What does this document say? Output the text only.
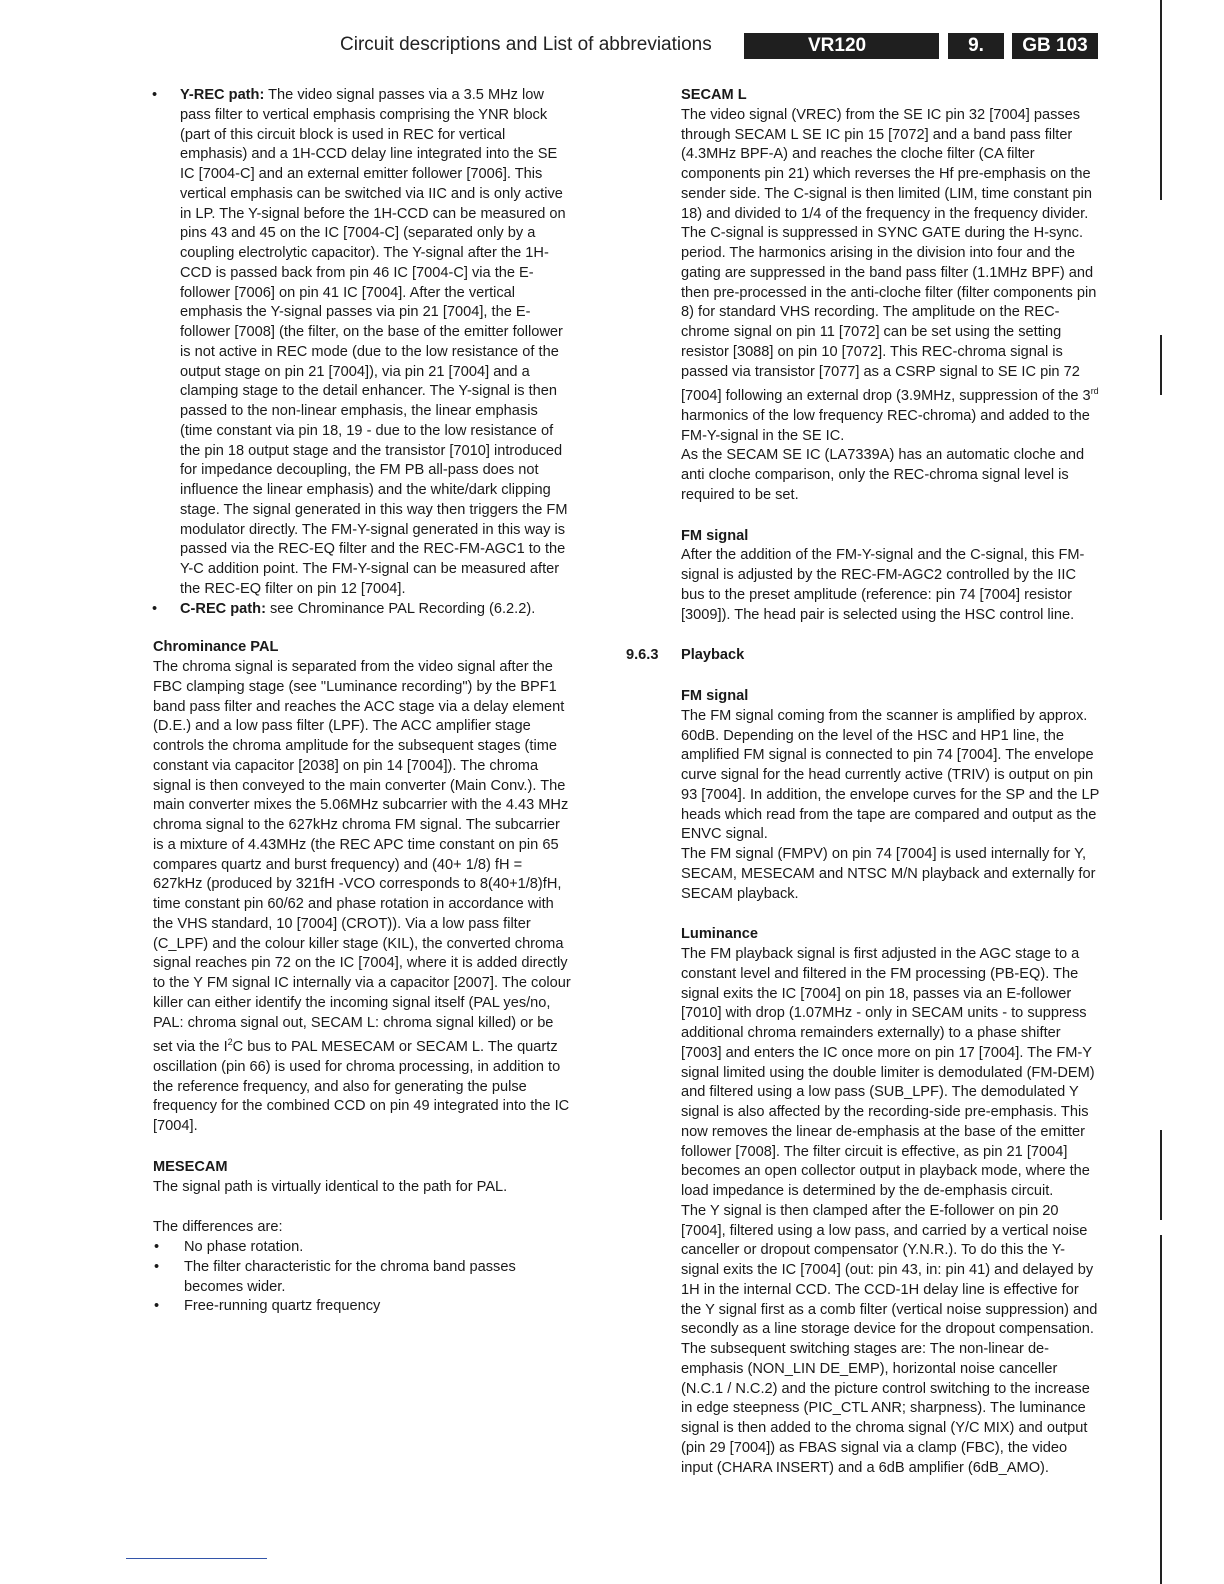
Circuit descriptions and List of abbreviations	VR120	9.	GB 103
• Y-REC path: The video signal passes via a 3.5 MHz low pass filter to vertical emphasis comprising the YNR block (part of this circuit block is used in REC for vertical emphasis) and a 1H-CCD delay line integrated into the SE IC [7004-C] and an external emitter follower [7006]. This vertical emphasis can be switched via IIC and is only active in LP. The Y-signal before the 1H-CCD can be measured on pins 43 and 45 on the IC [7004-C] (separated only by a coupling electrolytic capacitor). The Y-signal after the 1H-CCD is passed back from pin 46 IC [7004-C] via the E-follower [7006] on pin 41 IC [7004]. After the vertical emphasis the Y-signal passes via pin 21 [7004], the E-follower [7008] (the filter, on the base of the emitter follower is not active in REC mode (due to the low resistance of the output stage on pin 21 [7004]), via pin 21 [7004] and a clamping stage to the detail enhancer. The Y-signal is then passed to the non-linear emphasis, the linear emphasis (time constant via pin 18, 19 - due to the low resistance of the pin 18 output stage and the transistor [7010] introduced for impedance decoupling, the FM PB all-pass does not influence the linear emphasis) and the white/dark clipping stage. The signal generated in this way then triggers the FM modulator directly. The FM-Y-signal generated in this way is passed via the REC-EQ filter and the REC-FM-AGC1 to the Y-C addition point. The FM-Y-signal can be measured after the REC-EQ filter on pin 12 [7004].

• C-REC path: see Chrominance PAL Recording (6.2.2).

Chrominance PAL

The chroma signal is separated from the video signal after the FBC clamping stage (see "Luminance recording") by the BPF1 band pass filter and reaches the ACC stage via a delay element (D.E.) and a low pass filter (LPF). The ACC amplifier stage controls the chroma amplitude for the subsequent stages (time constant via capacitor [2038] on pin 14 [7004]). The chroma signal is then conveyed to the main converter (Main Conv.). The main converter mixes the 5.06MHz subcarrier with the 4.43 MHz chroma signal to the 627kHz chroma FM signal. The subcarrier is a mixture of 4.43MHz (the REC APC time constant on pin 65 compares quartz and burst frequency) and (40+ 1/8) fH = 627kHz (produced by 321fH -VCO corresponds to 8(40+1/8)fH, time constant pin 60/62 and phase rotation in accordance with the VHS standard, 10 [7004] (CROT)). Via a low pass filter (C_LPF) and the colour killer stage (KIL), the converted chroma signal reaches pin 72 on the IC [7004], where it is added directly to the Y FM signal IC internally via a capacitor [2007]. The colour killer can either identify the incoming signal itself (PAL yes/no, PAL: chroma signal out, SECAM L: chroma signal killed) or be set via the $I^2C$ bus to PAL MESECAM or SECAM L. The quartz oscillation (pin 66) is used for chroma processing, in addition to the reference frequency, and also for generating the pulse frequency for the combined CCD on pin 49 integrated into the IC [7004].

MESECAM

The signal path is virtually identical to the path for PAL.

The differences are:

• No phase rotation.

• The filter characteristic for the chroma band passes becomes wider.

• Free-running quartz frequency

SECAM L

The video signal (VREC) from the SE IC pin 32 [7004] passes through SECAM L SE IC pin 15 [7072] and a band pass filter (4.3MHz BPF-A) and reaches the cloche filter (CA filter components pin 21) which reverses the Hf pre-emphasis on the sender side. The C-signal is then limited (LIM, time constant pin 18) and divided to 1/4 of the frequency in the frequency divider. The C-signal is suppressed in SYNC GATE during the H-sync. period. The harmonics arising in the division into four and the gating are suppressed in the band pass filter (1.1MHz BPF) and then pre-processed in the anti-cloche filter (filter components pin 8) for standard VHS recording. The amplitude on the REC-chrome signal on pin 11 [7072] can be set using the setting resistor [3088] on pin 10 [7072]. This REC-chroma signal is passed via transistor [7077] as a CSRP signal to SE IC pin 72 [7004] following an external drop (3.9MHz, suppression of the 3rd harmonics of the low frequency REC-chroma) and added to the FM-Y-signal in the SE IC.

As the SECAM SE IC (LA7339A) has an automatic cloche and anti cloche comparison, only the REC-chroma signal level is required to be set.

FM signal

After the addition of the FM-Y-signal and the C-signal, this FM-signal is adjusted by the REC-FM-AGC2 controlled by the IIC bus to the preset amplitude (reference: pin 74 [7004] resistor [3009]). The head pair is selected using the HSC control line.

9.6.3 Playback

FM signal

The FM signal coming from the scanner is amplified by approx. 60dB. Depending on the level of the HSC and HP1 line, the amplified FM signal is connected to pin 74 [7004]. The envelope curve signal for the head currently active (TRIV) is output on pin 93 [7004]. In addition, the envelope curves for the SP and the LP heads which read from the tape are compared and output as the ENVC signal.

The FM signal (FMPV) on pin 74 [7004] is used internally for Y, SECAM, MESECAM and NTSC M/N playback and externally for SECAM playback.

Luminance

The FM playback signal is first adjusted in the AGC stage to a constant level and filtered in the FM processing (PB-EQ). The signal exits the IC [7004] on pin 18, passes via an E-follower [7010] with drop (1.07MHz - only in SECAM units - to suppress additional chroma remainders externally) to a phase shifter [7003] and enters the IC once more on pin 17 [7004]. The FM-Y signal limited using the double limiter is demodulated (FM-DEM) and filtered using a low pass (SUB_LPF). The demodulated Y signal is also affected by the recording-side pre-emphasis. This now removes the linear de-emphasis at the base of the emitter follower [7008]. The filter circuit is effective, as pin 21 [7004] becomes an open collector output in playback mode, where the load impedance is determined by the de-emphasis circuit.

The Y signal is then clamped after the E-follower on pin 20 [7004], filtered using a low pass, and carried by a vertical noise canceller or dropout compensator (Y.N.R.). To do this the Y-signal exits the IC [7004] (out: pin 43, in: pin 41) and delayed by 1H in the internal CCD. The CCD-1H delay line is effective for the Y signal first as a comb filter (vertical noise suppression) and secondly as a line storage device for the dropout compensation. The subsequent switching stages are: The non-linear de-emphasis (NON_LIN DE_EMP), horizontal noise canceller (N.C.1 / N.C.2) and the picture control switching to the increase in edge steepness (PIC_CTL ANR; sharpness). The luminance signal is then added to the chroma signal (Y/C MIX) and output (pin 29 [7004]) as FBAS signal via a clamp (FBC), the video input (CHARA INSERT) and a 6dB amplifier (6dB_AMO).
